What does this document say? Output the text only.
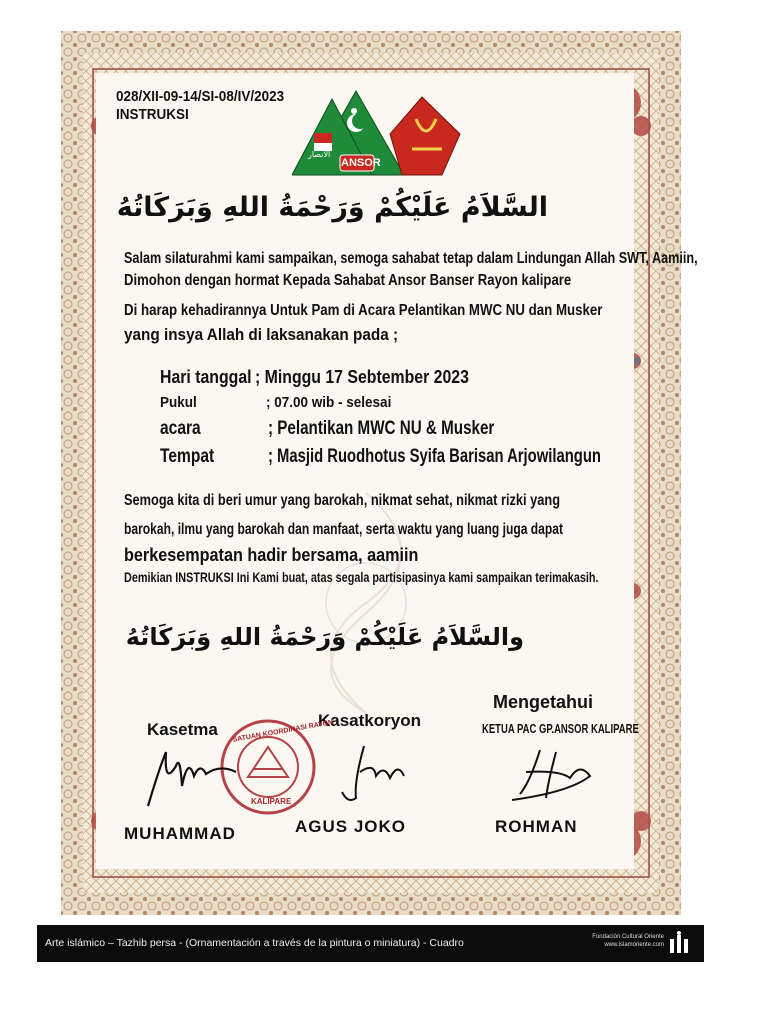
028/XII-09-14/SI-08/IV/2023
INSTRUKSI
ANSOR
الأنصار
السَّلاَمُ عَلَيْكُمْ وَرَحْمَةُ اللهِ وَبَرَكَاتُهُ
Salam silaturahmi kami sampaikan, semoga sahabat tetap dalam Lindungan Allah SWT, Aamiin,
Dimohon dengan hormat Kepada Sahabat Ansor Banser Rayon kalipare
Di harap kehadirannya Untuk Pam di Acara Pelantikan MWC NU dan Musker
yang insya Allah di laksanakan pada ;
Hari tanggal ; Minggu 17 Sebtember 2023
Pukul	; 07.00 wib - selesai
acara	; Pelantikan MWC NU & Musker
Tempat	; Masjid Ruodhotus Syifa Barisan Arjowilangun
Semoga kita di beri umur yang barokah, nikmat sehat, nikmat rizki yang
barokah, ilmu yang barokah dan manfaat, serta waktu yang luang juga dapat
berkesempatan hadir bersama, aamiin
Demikian INSTRUKSI Ini Kami buat, atas segala partisipasinya kami sampaikan terimakasih.
والسَّلاَمُ عَلَيْكُمْ وَرَحْمَةُ اللهِ وَبَرَكَاتُهُ
Kasetma	Kasatkoryon
Mengetahui
KETUA PAC GP.ANSOR KALIPARE
SATUAN KOORDINASI RAYON
KALIPARE
MUHAMMAD	AGUS JOKO	ROHMAN
Arte islámico – Tazhib persa - (Ornamentación a través de la pintura o miniatura) - Cuadro	Fundación Cultural Oriente
www.islamoriente.com
